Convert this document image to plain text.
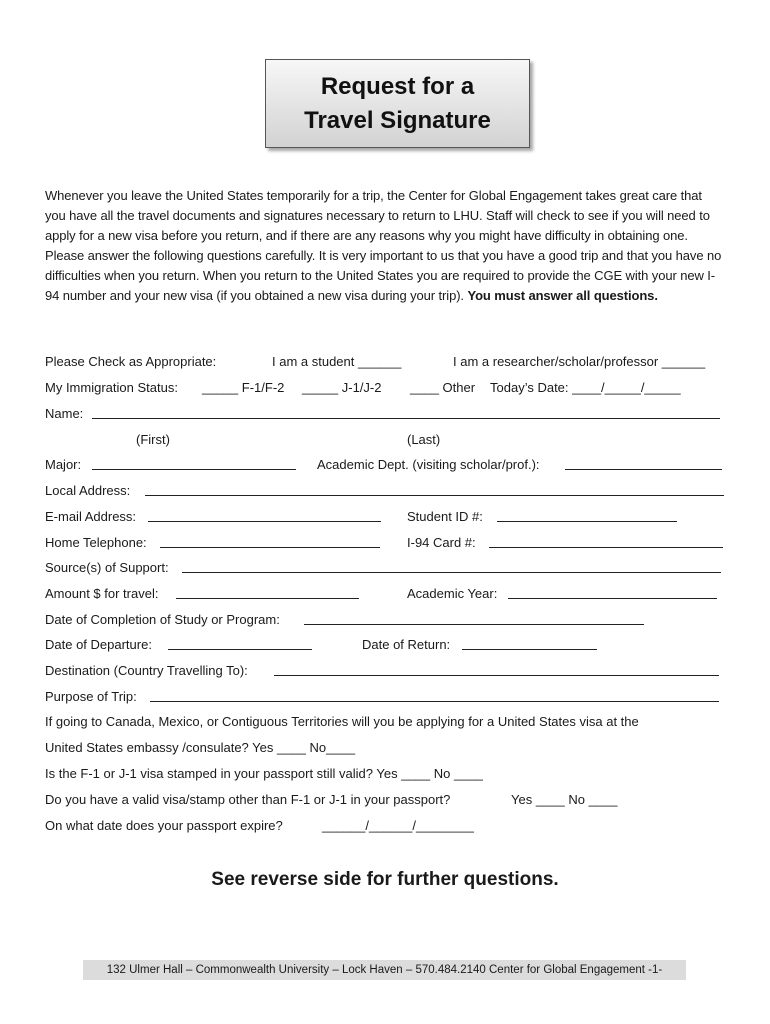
Request for a
Travel Signature
Whenever you leave the United States temporarily for a trip, the Center for Global Engagement takes great care that you have all the travel documents and signatures necessary to return to LHU. Staff will check to see if you will need to apply for a new visa before you return, and if there are any reasons why you might have difficulty in obtaining one. Please answer the following questions carefully. It is very important to us that you have a good trip and that you have no difficulties when you return. When you return to the United States you are required to provide the CGE with your new I-94 number and your new visa (if you obtained a new visa during your trip). You must answer all questions.
Please Check as Appropriate:	I am a student ______	I am a researcher/scholar/professor ______
My Immigration Status: _____ F-1/F-2 _____ J-1/J-2 ____ Other Today’s Date: ____/_____/_____
Name:
(First)	(Last)
Major:	Academic Dept. (visiting scholar/prof.):
Local Address:
E-mail Address:	Student ID #:
Home Telephone:	I-94 Card #:
Source(s) of Support:
Amount $ for travel:	Academic Year:
Date of Completion of Study or Program:
Date of Departure:	Date of Return:
Destination (Country Travelling To):
Purpose of Trip:
If going to Canada, Mexico, or Contiguous Territories will you be applying for a United States visa at the
United States embassy /consulate? Yes ____ No____
Is the F-1 or J-1 visa stamped in your passport still valid? Yes ____ No ____
Do you have a valid visa/stamp other than F-1 or J-1 in your passport?	Yes ____ No ____
On what date does your passport expire?	______/______/________
See reverse side for further questions.
132 Ulmer Hall – Commonwealth University – Lock Haven – 570.484.2140 Center for Global Engagement -1-
